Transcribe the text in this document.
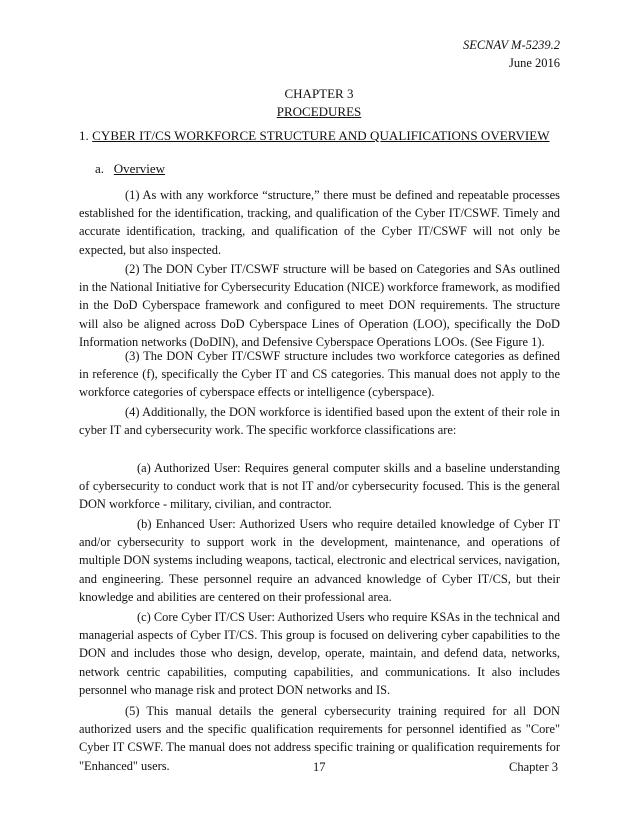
SECNAV M-5239.2
June 2016
CHAPTER 3
PROCEDURES
1. CYBER IT/CS WORKFORCE STRUCTURE AND QUALIFICATIONS OVERVIEW
a. Overview
(1) As with any workforce “structure,” there must be defined and repeatable processes established for the identification, tracking, and qualification of the Cyber IT/CSWF. Timely and accurate identification, tracking, and qualification of the Cyber IT/CSWF will not only be expected, but also inspected.
(2) The DON Cyber IT/CSWF structure will be based on Categories and SAs outlined in the National Initiative for Cybersecurity Education (NICE) workforce framework, as modified in the DoD Cyberspace framework and configured to meet DON requirements. The structure will also be aligned across DoD Cyberspace Lines of Operation (LOO), specifically the DoD Information networks (DoDIN), and Defensive Cyberspace Operations LOOs. (See Figure 1).
(3) The DON Cyber IT/CSWF structure includes two workforce categories as defined in reference (f), specifically the Cyber IT and CS categories. This manual does not apply to the workforce categories of cyberspace effects or intelligence (cyberspace).
(4) Additionally, the DON workforce is identified based upon the extent of their role in cyber IT and cybersecurity work. The specific workforce classifications are:
(a) Authorized User: Requires general computer skills and a baseline understanding of cybersecurity to conduct work that is not IT and/or cybersecurity focused. This is the general DON workforce - military, civilian, and contractor.
(b) Enhanced User: Authorized Users who require detailed knowledge of Cyber IT and/or cybersecurity to support work in the development, maintenance, and operations of multiple DON systems including weapons, tactical, electronic and electrical services, navigation, and engineering. These personnel require an advanced knowledge of Cyber IT/CS, but their knowledge and abilities are centered on their professional area.
(c) Core Cyber IT/CS User: Authorized Users who require KSAs in the technical and managerial aspects of Cyber IT/CS. This group is focused on delivering cyber capabilities to the DON and includes those who design, develop, operate, maintain, and defend data, networks, network centric capabilities, computing capabilities, and communications. It also includes personnel who manage risk and protect DON networks and IS.
(5) This manual details the general cybersecurity training required for all DON authorized users and the specific qualification requirements for personnel identified as "Core" Cyber IT CSWF. The manual does not address specific training or qualification requirements for "Enhanced" users.	17	Chapter 3
